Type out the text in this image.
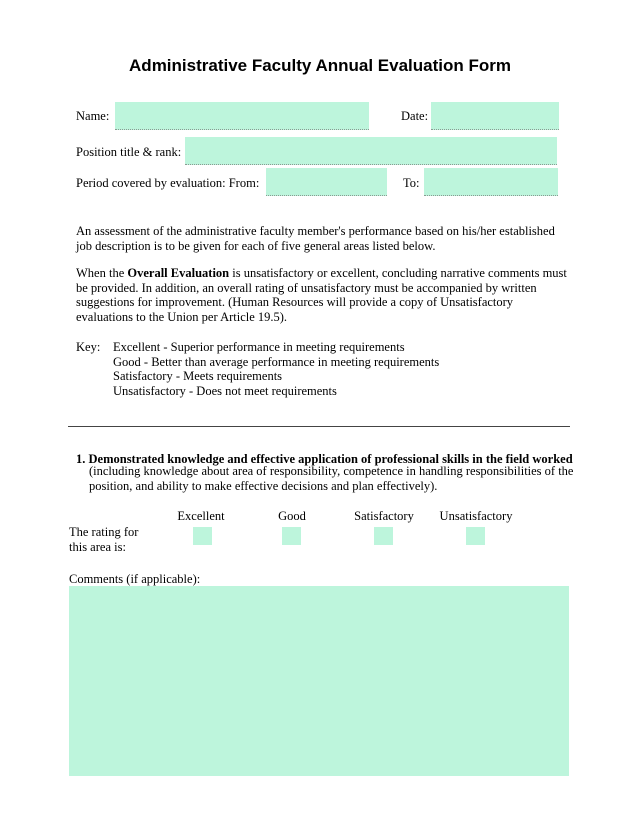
Administrative Faculty Annual Evaluation Form
Name:	Date:
Position title & rank:
Period covered by evaluation: From:	To:
An assessment of the administrative faculty member's performance based on his/her established job description is to be given for each of five general areas listed below.
When the Overall Evaluation is unsatisfactory or excellent, concluding narrative comments must be provided. In addition, an overall rating of unsatisfactory must be accompanied by written suggestions for improvement. (Human Resources will provide a copy of Unsatisfactory evaluations to the Union per Article 19.5).
Key: Excellent - Superior performance in meeting requirements
Good - Better than average performance in meeting requirements
Satisfactory - Meets requirements
Unsatisfactory - Does not meet requirements
1. Demonstrated knowledge and effective application of professional skills in the field worked
(including knowledge about area of responsibility, competence in handling responsibilities of the position, and ability to make effective decisions and plan effectively).
Excellent	Good	Satisfactory	Unsatisfactory
The rating for
this area is:
Comments (if applicable):
